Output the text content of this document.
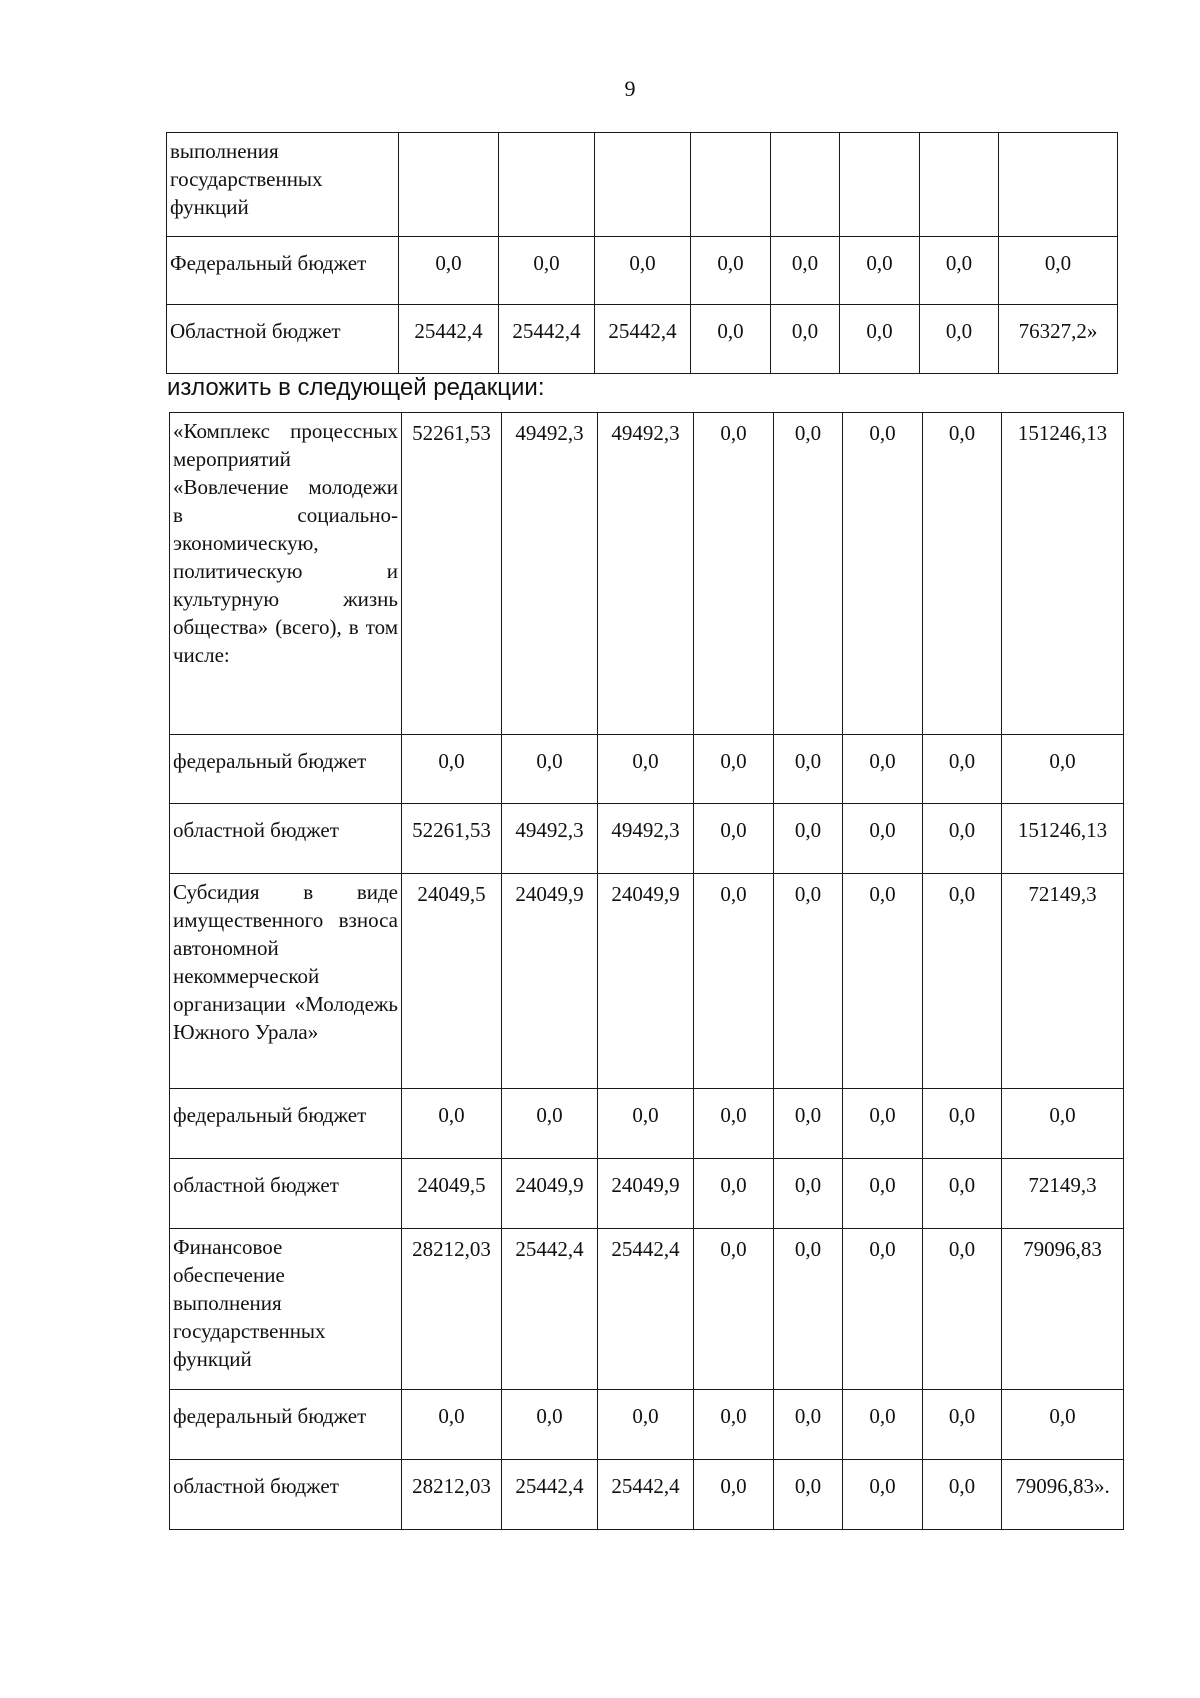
9
выполнения государственных функций								
Федеральный бюджет	0,0	0,0	0,0	0,0	0,0	0,0	0,0	0,0
Областной бюджет	25442,4	25442,4	25442,4	0,0	0,0	0,0	0,0	76327,2»
изложить в следующей редакции:
«Комплекс процессных мероприятий «Вовлечение молодежи в социально-экономическую, политическую и культурную жизнь общества» (всего), в том числе:	52261,53	49492,3	49492,3	0,0	0,0	0,0	0,0	151246,13
федеральный бюджет	0,0	0,0	0,0	0,0	0,0	0,0	0,0	0,0
областной бюджет	52261,53	49492,3	49492,3	0,0	0,0	0,0	0,0	151246,13
Субсидия в виде имущественного взноса автономной некоммерческой организации «Молодежь Южного Урала»	24049,5	24049,9	24049,9	0,0	0,0	0,0	0,0	72149,3
федеральный бюджет	0,0	0,0	0,0	0,0	0,0	0,0	0,0	0,0
областной бюджет	24049,5	24049,9	24049,9	0,0	0,0	0,0	0,0	72149,3
Финансовое обеспечение выполнения государственных функций	28212,03	25442,4	25442,4	0,0	0,0	0,0	0,0	79096,83
федеральный бюджет	0,0	0,0	0,0	0,0	0,0	0,0	0,0	0,0
областной бюджет	28212,03	25442,4	25442,4	0,0	0,0	0,0	0,0	79096,83».
